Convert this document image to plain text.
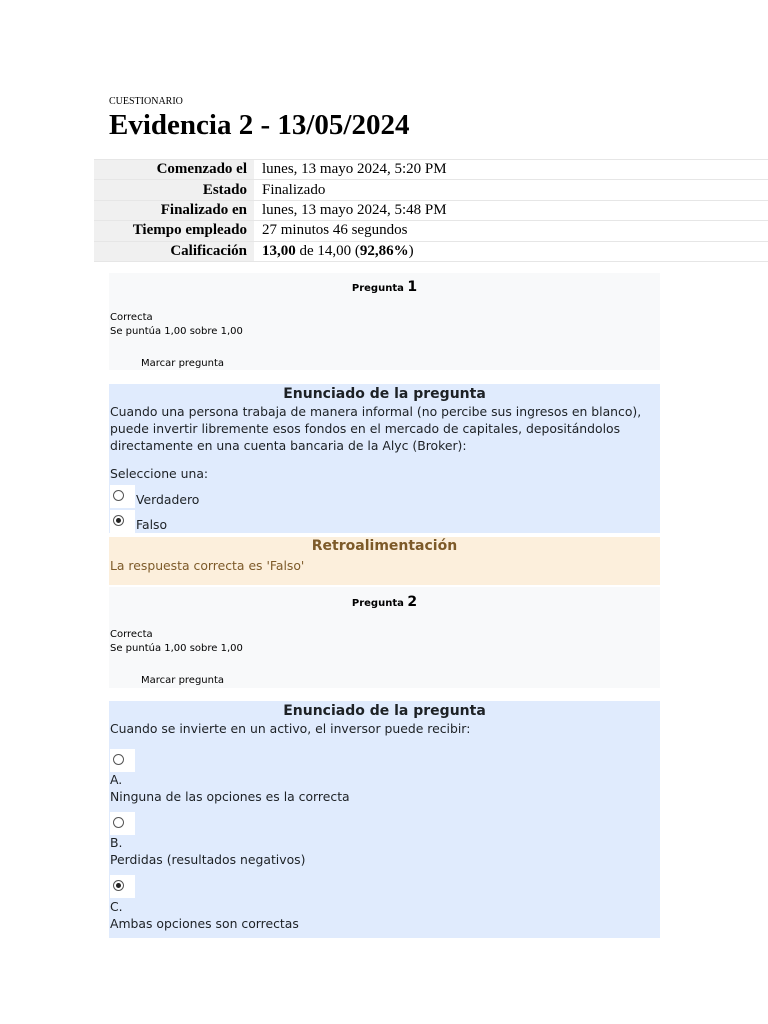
CUESTIONARIO
Evidencia 2 - 13/05/2024
Comenzado el	lunes, 13 mayo 2024, 5:20 PM
Estado	Finalizado
Finalizado en	lunes, 13 mayo 2024, 5:48 PM
Tiempo empleado	27 minutos 46 segundos
Calificación	13,00 de 14,00 (92,86%)
Pregunta 1
Correcta
Se puntúa 1,00 sobre 1,00
Marcar pregunta
Enunciado de la pregunta
Cuando una persona trabaja de manera informal (no percibe sus ingresos en blanco), puede invertir libremente esos fondos en el mercado de capitales, depositándolos directamente en una cuenta bancaria de la Alyc (Broker):
Seleccione una:
Verdadero
Falso
Retroalimentación
La respuesta correcta es 'Falso'
Pregunta 2
Correcta
Se puntúa 1,00 sobre 1,00
Marcar pregunta
Enunciado de la pregunta
Cuando se invierte en un activo, el inversor puede recibir:
A.
Ninguna de las opciones es la correcta
B.
Perdidas (resultados negativos)
C.
Ambas opciones son correctas
